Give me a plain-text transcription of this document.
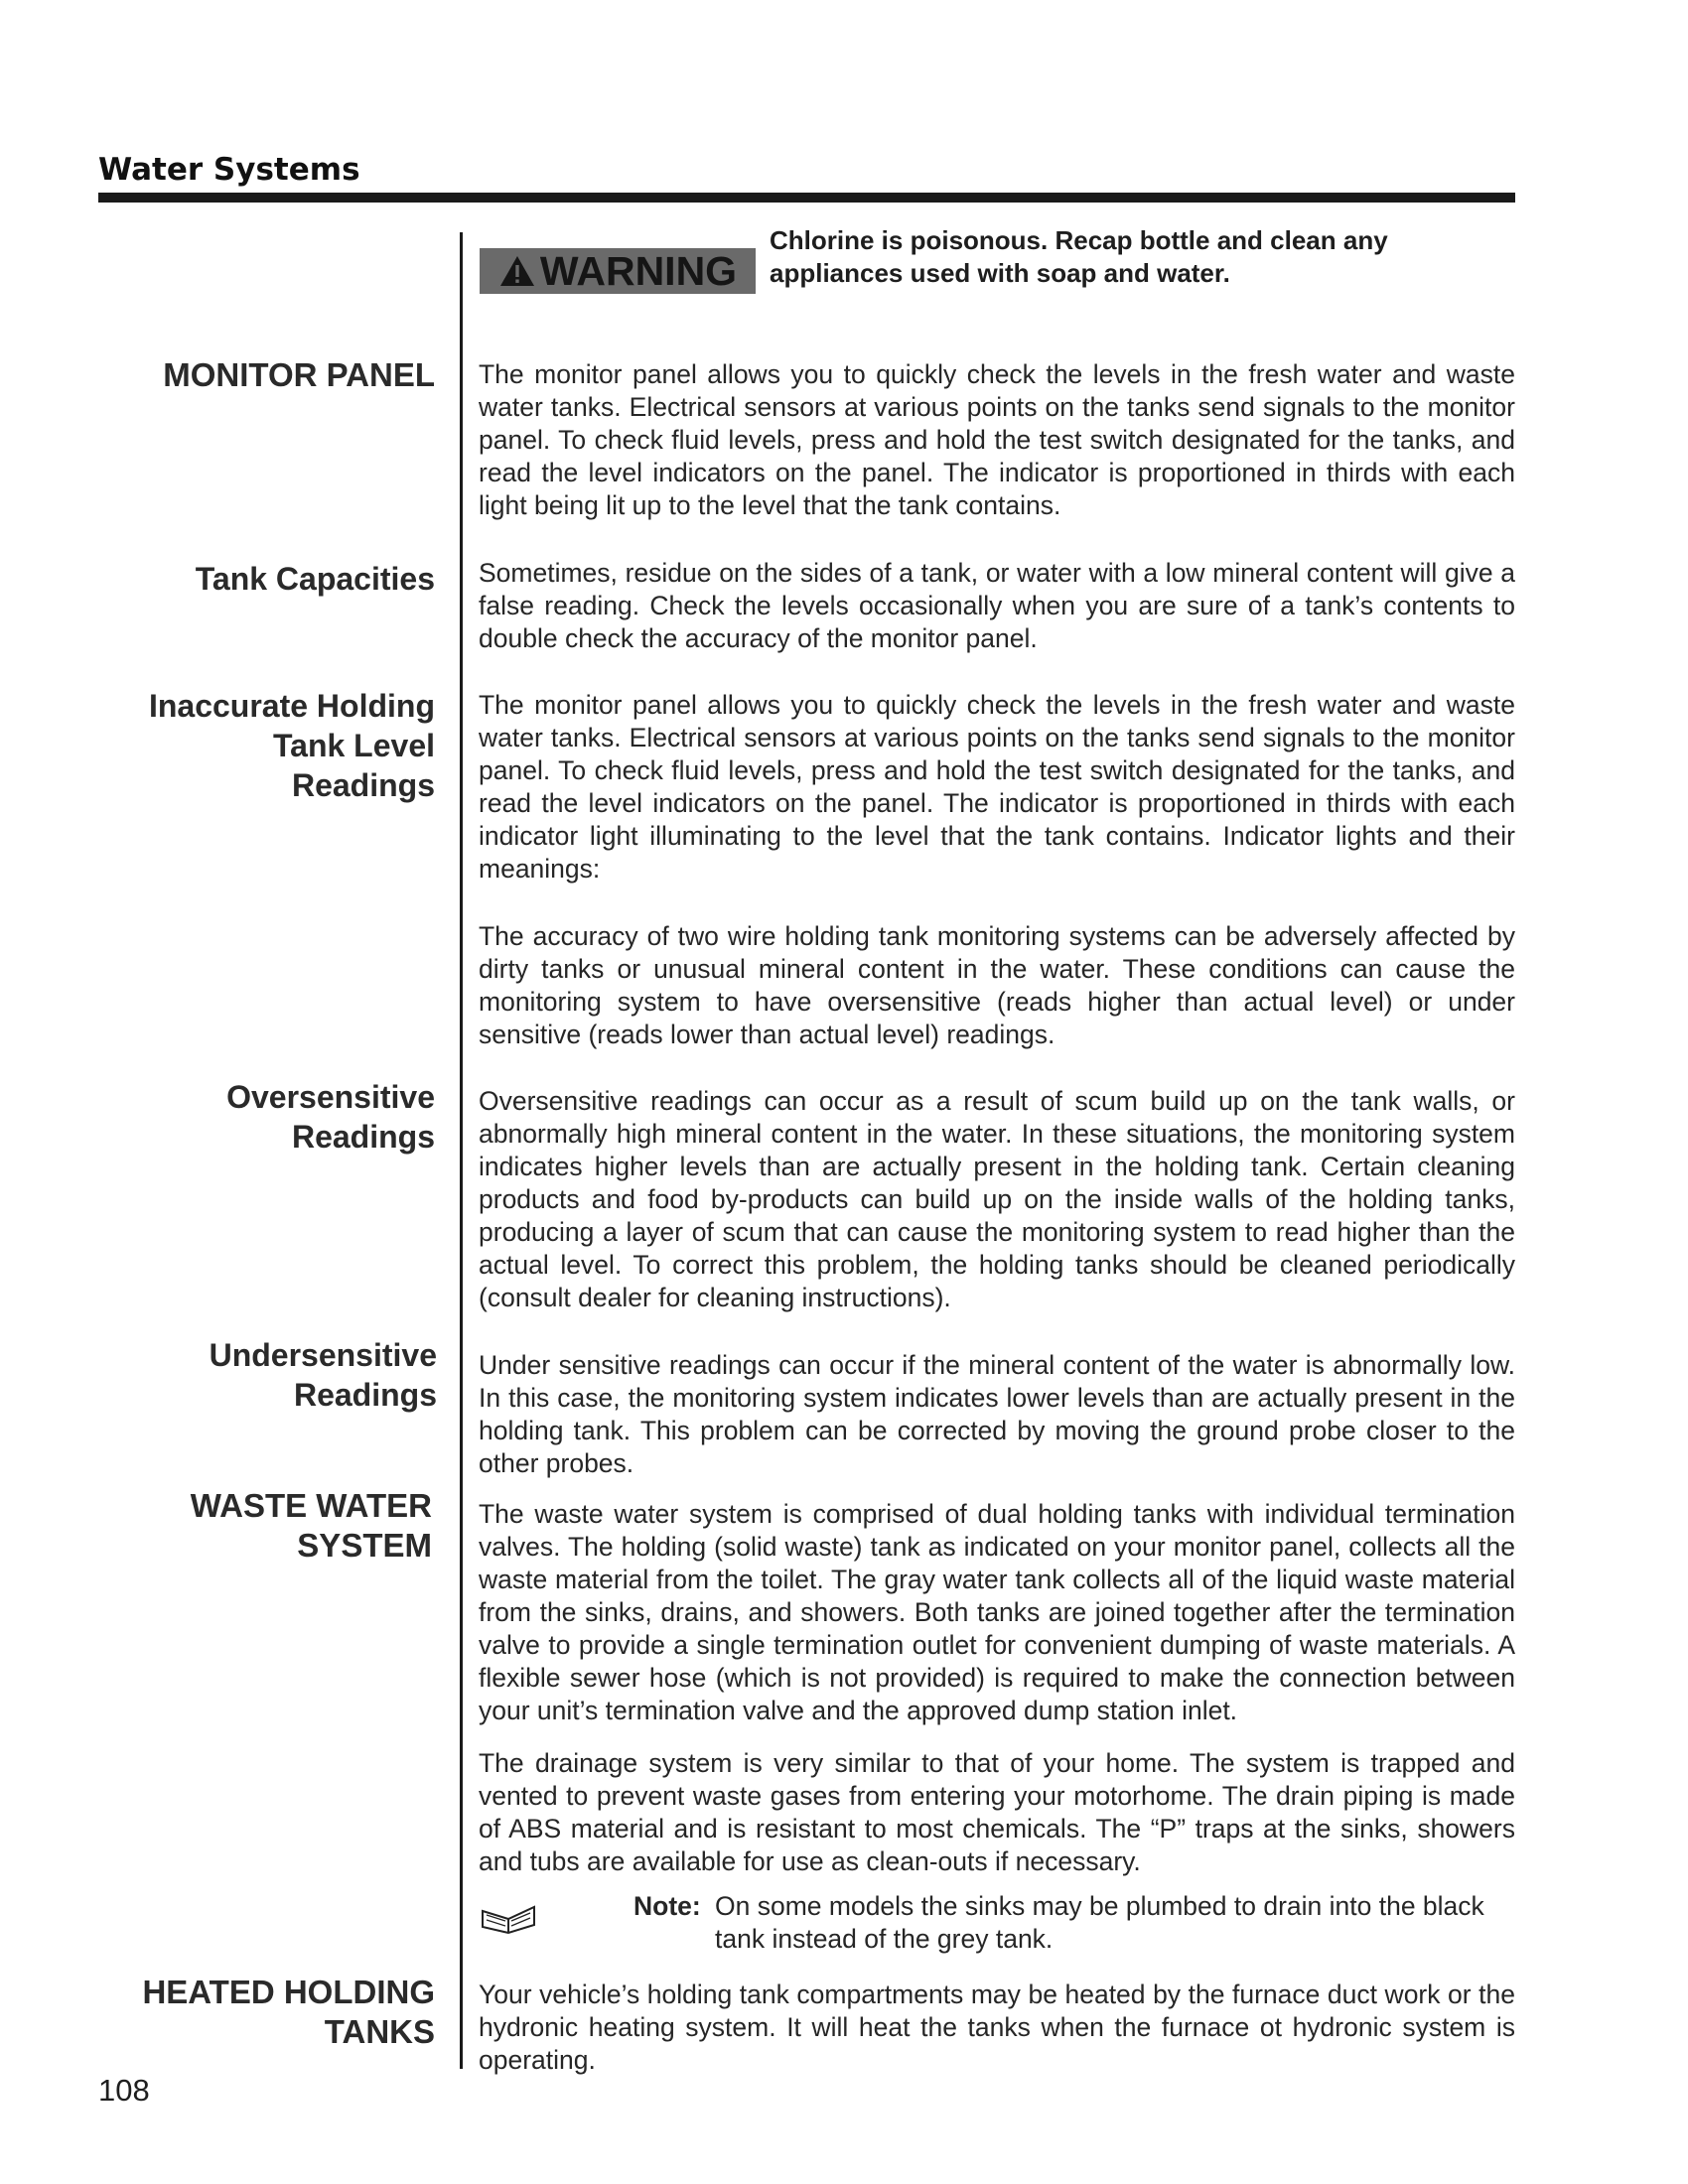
Water Systems
WARNING
Chlorine is poisonous. Recap bottle and clean any appliances used with soap and water.
MONITOR PANEL
Tank Capacities
Inaccurate Holding
Tank Level
Readings
Oversensitive
Readings
Undersensitive
Readings
WASTE WATER
SYSTEM
HEATED HOLDING
TANKS
The monitor panel allows you to quickly check the levels in the fresh water and waste water tanks. Electrical sensors at various points on the tanks send signals to the monitor panel. To check fluid levels, press and hold the test switch designated for the tanks, and read the level indicators on the panel. The indicator is proportioned in thirds with each light being lit up to the level that the tank contains.
Sometimes, residue on the sides of a tank, or water with a low mineral content will give a false reading. Check the levels occasionally when you are sure of a tank’s contents to double check the accuracy of the monitor panel.
The monitor panel allows you to quickly check the levels in the fresh water and waste water tanks. Electrical sensors at various points on the tanks send signals to the monitor panel. To check fluid levels, press and hold the test switch designated for the tanks, and read the level indicators on the panel. The indicator is proportioned in thirds with each indicator light illuminating to the level that the tank contains. Indicator lights and their meanings:
The accuracy of two wire holding tank monitoring systems can be adversely affected by dirty tanks or unusual mineral content in the water. These conditions can cause the monitoring system to have oversensitive (reads higher than actual level) or under sensitive (reads lower than actual level) readings.
Oversensitive readings can occur as a result of scum build up on the tank walls, or abnormally high mineral content in the water. In these situations, the monitoring system indicates higher levels than are actually present in the holding tank. Certain cleaning products and food by-products can build up on the inside walls of the holding tanks, producing a layer of scum that can cause the monitoring system to read higher than the actual level. To correct this problem, the holding tanks should be cleaned periodically (consult dealer for cleaning instructions).
Under sensitive readings can occur if the mineral content of the water is abnormally low. In this case, the monitoring system indicates lower levels than are actually present in the holding tank. This problem can be corrected by moving the ground probe closer to the other probes.
The waste water system is comprised of dual holding tanks with individual termination valves. The holding (solid waste) tank as indicated on your monitor panel, collects all the waste material from the toilet. The gray water tank collects all of the liquid waste material from the sinks, drains, and showers. Both tanks are joined together after the termination valve to provide a single termination outlet for convenient dumping of waste materials. A flexible sewer hose (which is not provided) is required to make the connection between your unit’s termination valve and the approved dump station inlet.
The drainage system is very similar to that of your home. The system is trapped and vented to prevent waste gases from entering your motorhome. The drain piping is made of ABS material and is resistant to most chemicals. The “P” traps at the sinks, showers and tubs are available for use as clean-outs if necessary.
Note: On some models the sinks may be plumbed to drain into the black tank instead of the grey tank.
Your vehicle’s holding tank compartments may be heated by the furnace duct work or the hydronic heating system. It will heat the tanks when the furnace ot hydronic system is operating.
108
